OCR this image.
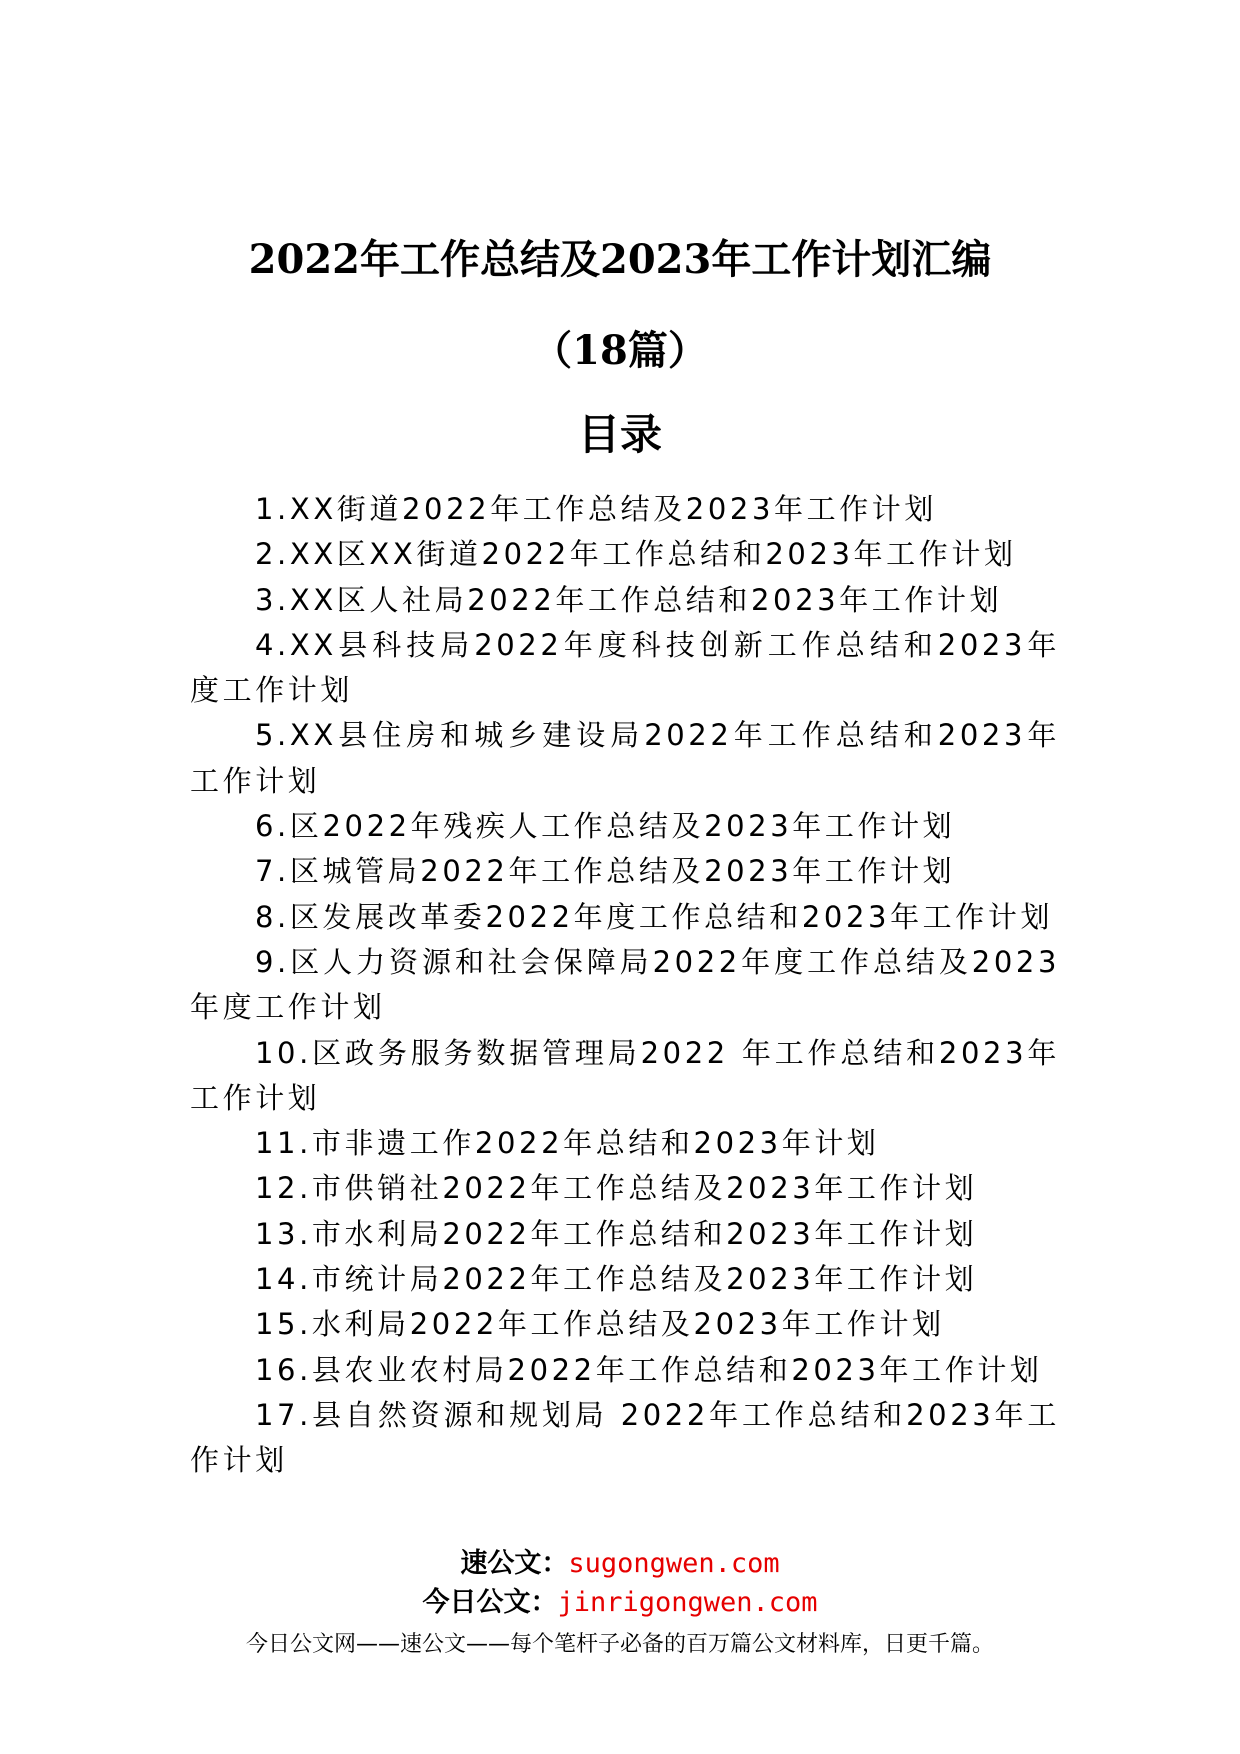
2022年工作总结及2023年工作计划汇编
（18篇）
目录
1.XX街道2022年工作总结及2023年工作计划
2.XX区XX街道2022年工作总结和2023年工作计划
3.XX区人社局2022年工作总结和2023年工作计划
4.XX县科技局2022年度科技创新工作总结和2023年度工作计划
5.XX县住房和城乡建设局2022年工作总结和2023年工作计划
6.区2022年残疾人工作总结及2023年工作计划
7.区城管局2022年工作总结及2023年工作计划
8.区发展改革委2022年度工作总结和2023年工作计划
9.区人力资源和社会保障局2022年度工作总结及2023年度工作计划
10.区政务服务数据管理局2022 年工作总结和2023年工作计划
11.市非遗工作2022年总结和2023年计划
12.市供销社2022年工作总结及2023年工作计划
13.市水利局2022年工作总结和2023年工作计划
14.市统计局2022年工作总结及2023年工作计划
15.水利局2022年工作总结及2023年工作计划
16.县农业农村局2022年工作总结和2023年工作计划
17.县自然资源和规划局 2022年工作总结和2023年工作计划

速公文：sugongwen.com

今日公文：jinrigongwen.com

今日公文网——速公文——每个笔杆子必备的百万篇公文材料库，日更千篇。
